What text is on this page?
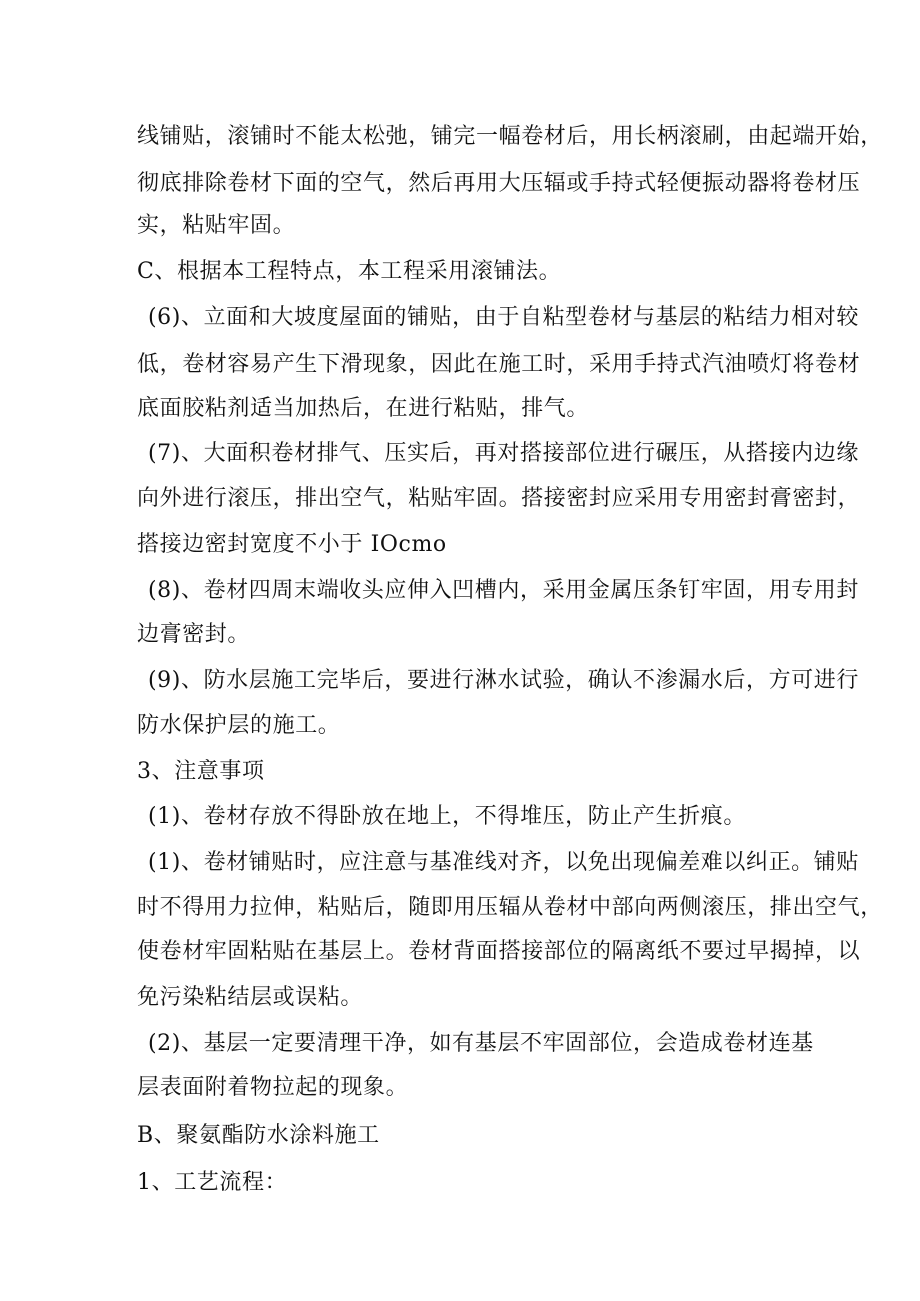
线铺贴，滚铺时不能太松弛，铺完一幅卷材后，用长柄滚刷，由起端开始，
彻底排除卷材下面的空气，然后再用大压辐或手持式轻便振动器将卷材压
实，粘贴牢固。
C、根据本工程特点，本工程采用滚铺法。
(6)、立面和大坡度屋面的铺贴，由于自粘型卷材与基层的粘结力相对较
低，卷材容易产生下滑现象，因此在施工时，采用手持式汽油喷灯将卷材
底面胶粘剂适当加热后，在进行粘贴，排气。
(7)、大面积卷材排气、压实后，再对搭接部位进行碾压，从搭接内边缘
向外进行滚压，排出空气，粘贴牢固。搭接密封应采用专用密封膏密封，
搭接边密封宽度不小于 IOcmo
(8)、卷材四周末端收头应伸入凹槽内，采用金属压条钉牢固，用专用封
边膏密封。
(9)、防水层施工完毕后，要进行淋水试验，确认不渗漏水后，方可进行
防水保护层的施工。
3、注意事项
(1)、卷材存放不得卧放在地上，不得堆压，防止产生折痕。
(1)、卷材铺贴时，应注意与基准线对齐，以免出现偏差难以纠正。铺贴
时不得用力拉伸，粘贴后，随即用压辐从卷材中部向两侧滚压，排出空气，
使卷材牢固粘贴在基层上。卷材背面搭接部位的隔离纸不要过早揭掉，以
免污染粘结层或误粘。
(2)、基层一定要清理干净，如有基层不牢固部位，会造成卷材连基
层表面附着物拉起的现象。
B、聚氨酯防水涂料施工
1、工艺流程：
